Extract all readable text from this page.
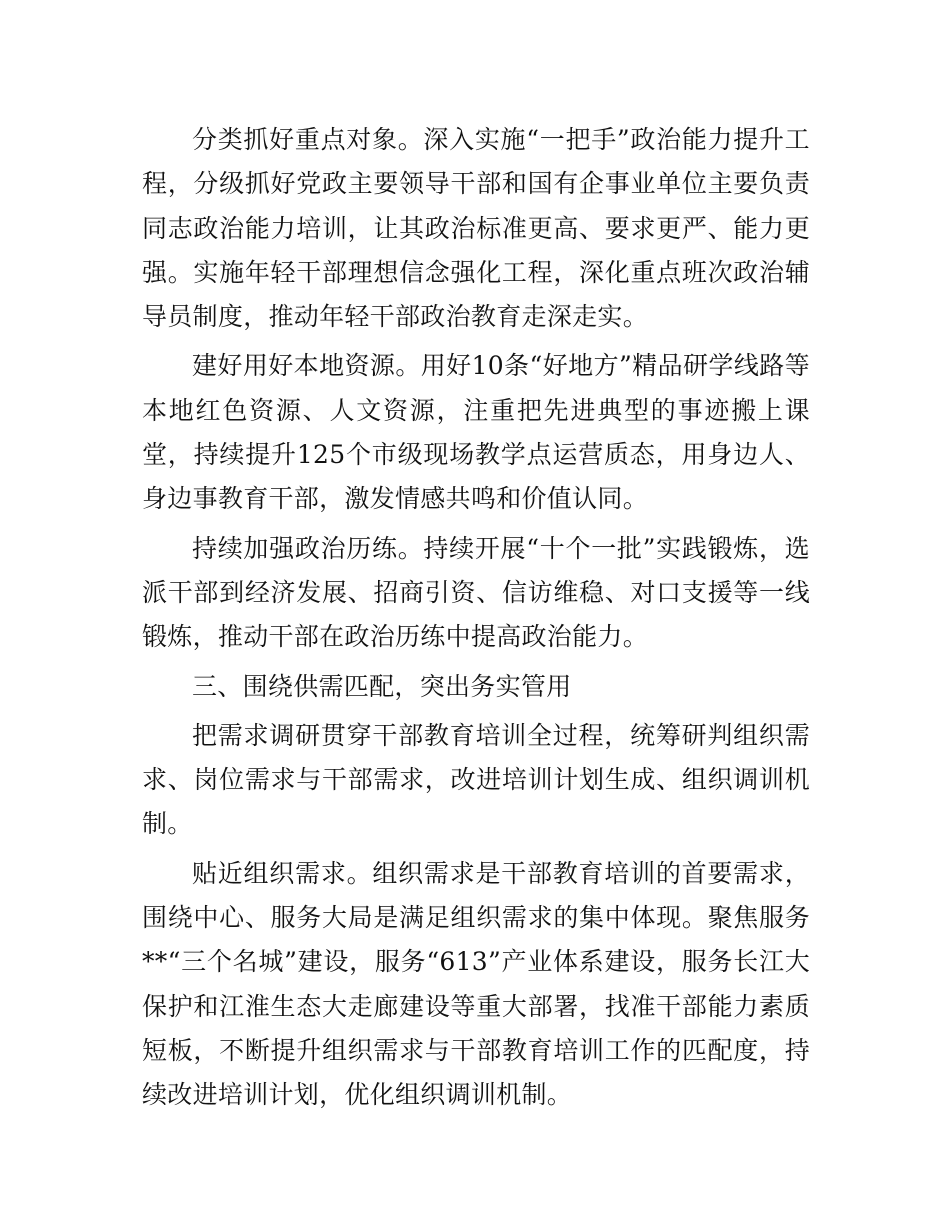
分类抓好重点对象。深入实施“一把手”政治能力提升工程，分级抓好党政主要领导干部和国有企事业单位主要负责同志政治能力培训，让其政治标准更高、要求更严、能力更强。实施年轻干部理想信念强化工程，深化重点班次政治辅导员制度，推动年轻干部政治教育走深走实。

建好用好本地资源。用好10条“好地方”精品研学线路等本地红色资源、人文资源，注重把先进典型的事迹搬上课堂，持续提升125个市级现场教学点运营质态，用身边人、身边事教育干部，激发情感共鸣和价值认同。

持续加强政治历练。持续开展“十个一批”实践锻炼，选派干部到经济发展、招商引资、信访维稳、对口支援等一线锻炼，推动干部在政治历练中提高政治能力。

三、围绕供需匹配，突出务实管用

把需求调研贯穿干部教育培训全过程，统筹研判组织需求、岗位需求与干部需求，改进培训计划生成、组织调训机制。

贴近组织需求。组织需求是干部教育培训的首要需求，围绕中心、服务大局是满足组织需求的集中体现。聚焦服务**“三个名城”建设，服务“613”产业体系建设，服务长江大保护和江淮生态大走廊建设等重大部署，找准干部能力素质短板，不断提升组织需求与干部教育培训工作的匹配度，持续改进培训计划，优化组织调训机制。
